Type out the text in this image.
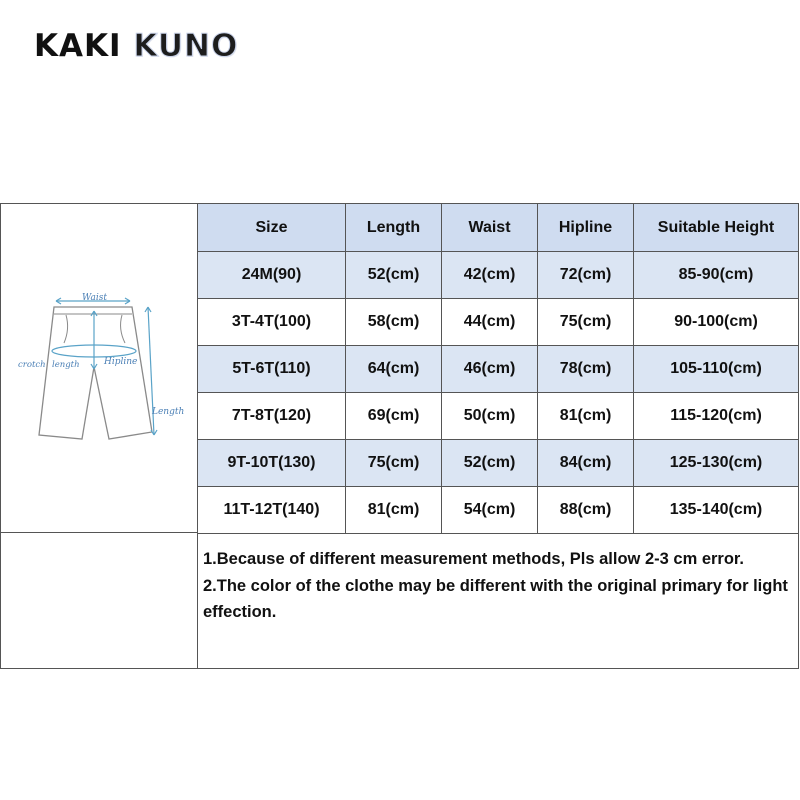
KAKI KUNO
Waist
Hipline
crotch length
Length
Size	Length	Waist	Hipline	Suitable Height
24M(90)	52(cm)	42(cm)	72(cm)	85-90(cm)
3T-4T(100)	58(cm)	44(cm)	75(cm)	90-100(cm)
5T-6T(110)	64(cm)	46(cm)	78(cm)	105-110(cm)
7T-8T(120)	69(cm)	50(cm)	81(cm)	115-120(cm)
9T-10T(130)	75(cm)	52(cm)	84(cm)	125-130(cm)
11T-12T(140)	81(cm)	54(cm)	88(cm)	135-140(cm)

1.Because of different measurement methods, Pls allow 2-3 cm error.

2.The color of the clothe may be different with the original primary for light effection.
